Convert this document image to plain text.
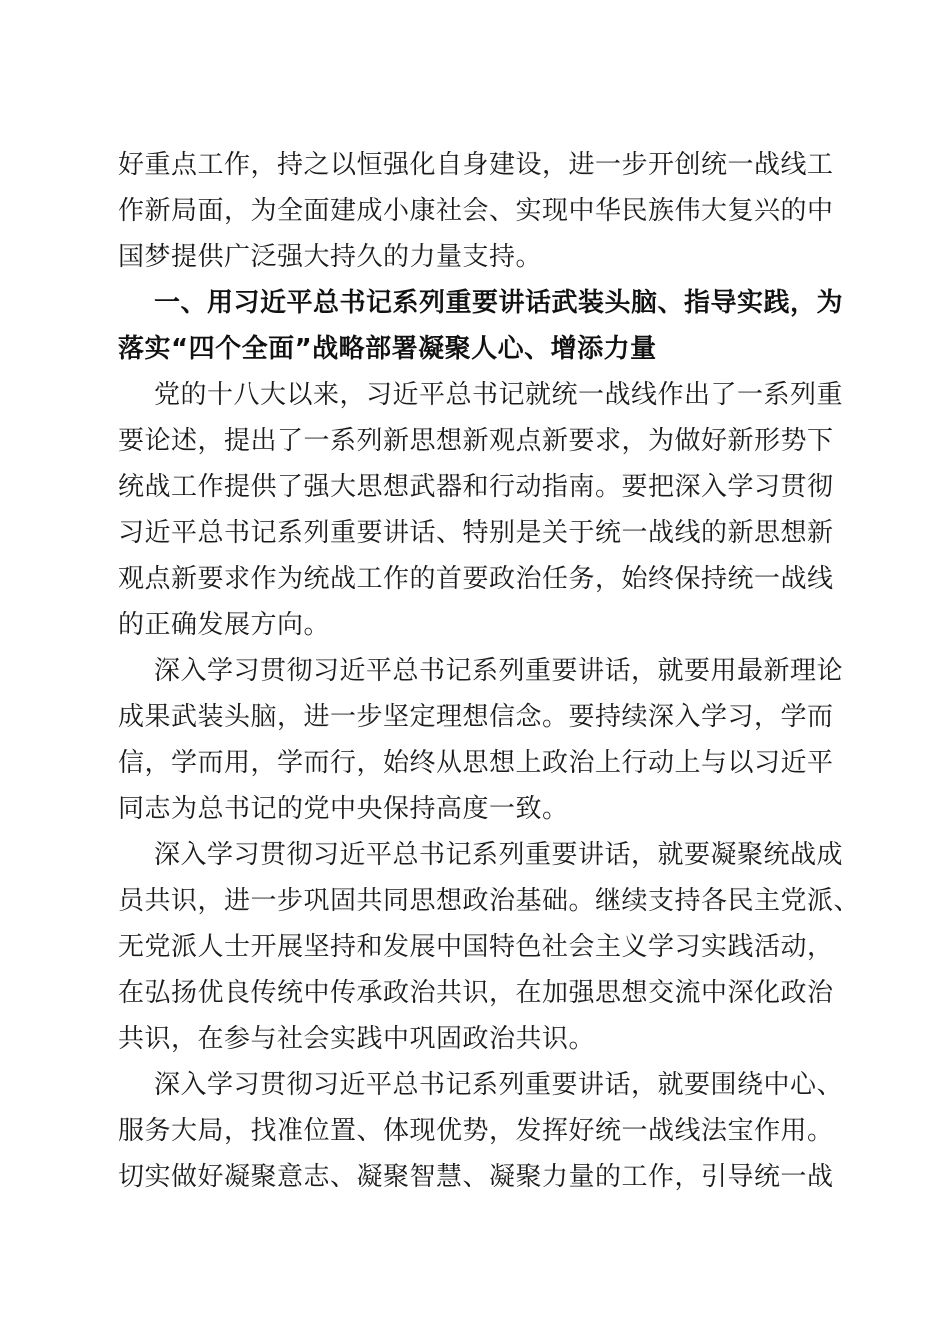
好重点工作，持之以恒强化自身建设，进一步开创统一战线工
作新局面，为全面建成小康社会、实现中华民族伟大复兴的中
国梦提供广泛强大持久的力量支持。
一、用习近平总书记系列重要讲话武装头脑、指导实践，为
落实“四个全面”战略部署凝聚人心、增添力量
党的十八大以来，习近平总书记就统一战线作出了一系列重
要论述，提出了一系列新思想新观点新要求，为做好新形势下
统战工作提供了强大思想武器和行动指南。要把深入学习贯彻
习近平总书记系列重要讲话、特别是关于统一战线的新思想新
观点新要求作为统战工作的首要政治任务，始终保持统一战线
的正确发展方向。
深入学习贯彻习近平总书记系列重要讲话，就要用最新理论
成果武装头脑，进一步坚定理想信念。要持续深入学习，学而
信，学而用，学而行，始终从思想上政治上行动上与以习近平
同志为总书记的党中央保持高度一致。
深入学习贯彻习近平总书记系列重要讲话，就要凝聚统战成
员共识，进一步巩固共同思想政治基础。继续支持各民主党派、
无党派人士开展坚持和发展中国特色社会主义学习实践活动，
在弘扬优良传统中传承政治共识，在加强思想交流中深化政治
共识，在参与社会实践中巩固政治共识。
深入学习贯彻习近平总书记系列重要讲话，就要围绕中心、
服务大局，找准位置、体现优势，发挥好统一战线法宝作用。
切实做好凝聚意志、凝聚智慧、凝聚力量的工作，引导统一战
